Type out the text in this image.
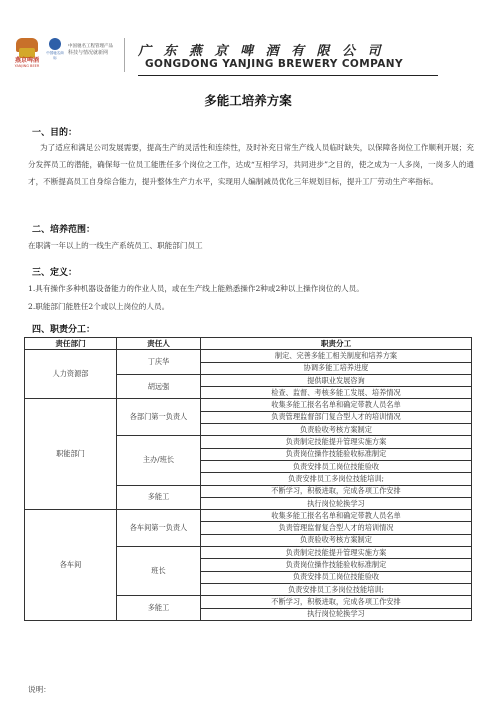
燕京啤酒
YANJING BEER
中国驰名商标
中国驰名工程管理产品
科技与情况就新网	广东燕京啤酒有限公司
GONGDONG YANJING BREWERY COMPANY
多能工培养方案
一、目的：
为了适应和满足公司发展需要，提高生产的灵活性和连续性，及时补充日常生产线人员临时缺失，以保障各岗位工作顺利开展；充分发挥员工的潜能，确保每一位员工能胜任多个岗位之工作，达成“互相学习，共同进步”之目的，使之成为一人多岗，一岗多人的通才，不断提高员工自身综合能力，提升整体生产力水平，实现用人编制减员优化三年规划目标，提升工厂劳动生产率指标。
二、培养范围：
在职满一年以上的一线生产系统员工、职能部门员工
三、定义：
1.具有操作多种机器设备能力的作业人员，或在生产线上能熟悉操作2种或2种以上操作岗位的人员。
2.职能部门能胜任2个或以上岗位的人员。
四、职责分工：
责任部门	责任人	职责分工
人力资源部	丁庆华	制定、完善多能工相关制度和培养方案
		协调多能工培养进度
	胡远强	提供职业发展咨询
		检查、监督、考核多能工发展、培养情况
职能部门	各部门第一负责人	收集多能工报名名单和确定带教人员名单
		负责管理监督部门复合型人才的培训情况
		负责验收考核方案制定
	主办/班长	负责制定技能提升管理实施方案
		负责岗位操作技能验收标准制定
		负责安排员工岗位技能验收
		负责安排员工多岗位技能培训;
	多能工	不断学习，积极进取，完成各项工作安排
		执行岗位轮换学习
各车间	各车间第一负责人	收集多能工报名名单和确定带教人员名单
		负责管理监督复合型人才的培训情况
		负责验收考核方案制定
	班长	负责制定技能提升管理实施方案
		负责岗位操作技能验收标准制定
		负责安排员工岗位技能验收
		负责安排员工多岗位技能培训;
	多能工	不断学习，积极进取，完成各项工作安排
		执行岗位轮换学习
说明：
